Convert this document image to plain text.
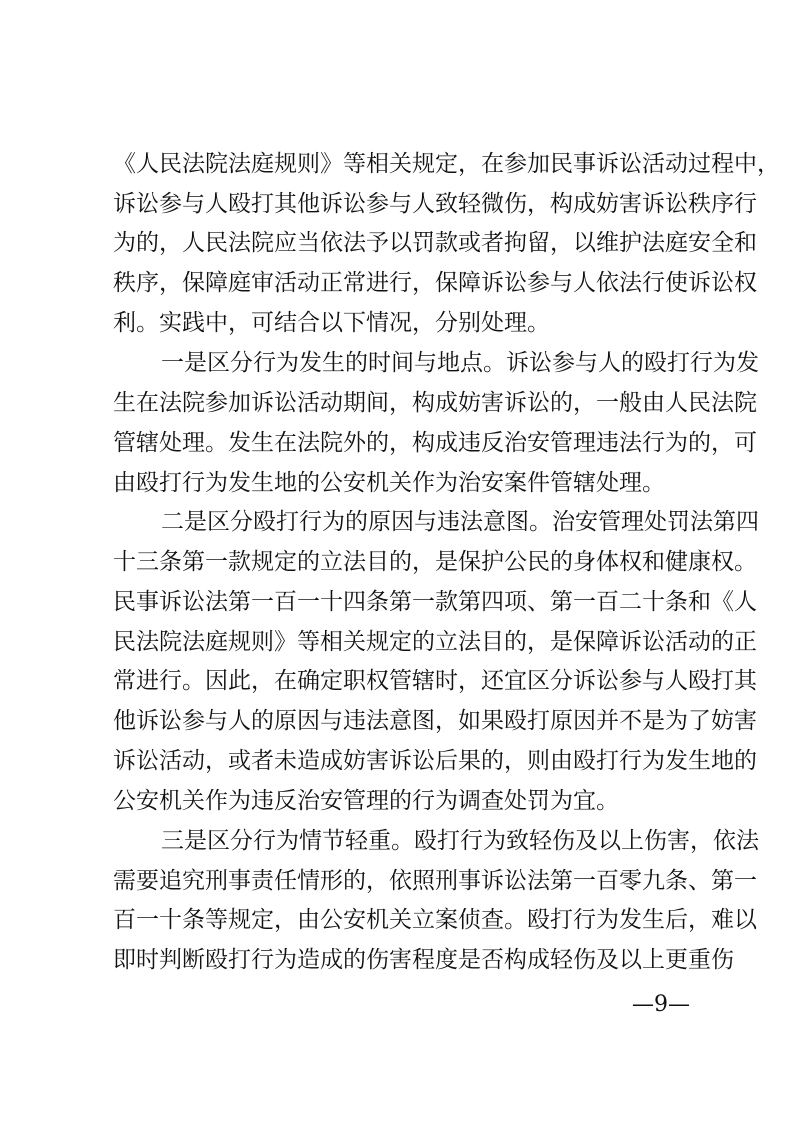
《人民法院法庭规则》等相关规定，在参加民事诉讼活动过程中，
诉讼参与人殴打其他诉讼参与人致轻微伤，构成妨害诉讼秩序行
为的，人民法院应当依法予以罚款或者拘留，以维护法庭安全和
秩序，保障庭审活动正常进行，保障诉讼参与人依法行使诉讼权
利。实践中，可结合以下情况，分别处理。
一是区分行为发生的时间与地点。诉讼参与人的殴打行为发
生在法院参加诉讼活动期间，构成妨害诉讼的，一般由人民法院
管辖处理。发生在法院外的，构成违反治安管理违法行为的，可
由殴打行为发生地的公安机关作为治安案件管辖处理。
二是区分殴打行为的原因与违法意图。治安管理处罚法第四
十三条第一款规定的立法目的，是保护公民的身体权和健康权。
民事诉讼法第一百一十四条第一款第四项、第一百二十条和《人
民法院法庭规则》等相关规定的立法目的，是保障诉讼活动的正
常进行。因此，在确定职权管辖时，还宜区分诉讼参与人殴打其
他诉讼参与人的原因与违法意图，如果殴打原因并不是为了妨害
诉讼活动，或者未造成妨害诉讼后果的，则由殴打行为发生地的
公安机关作为违反治安管理的行为调查处罚为宜。
三是区分行为情节轻重。殴打行为致轻伤及以上伤害，依法
需要追究刑事责任情形的，依照刑事诉讼法第一百零九条、第一
百一十条等规定，由公安机关立案侦查。殴打行为发生后，难以
即时判断殴打行为造成的伤害程度是否构成轻伤及以上更重伤
—9—
